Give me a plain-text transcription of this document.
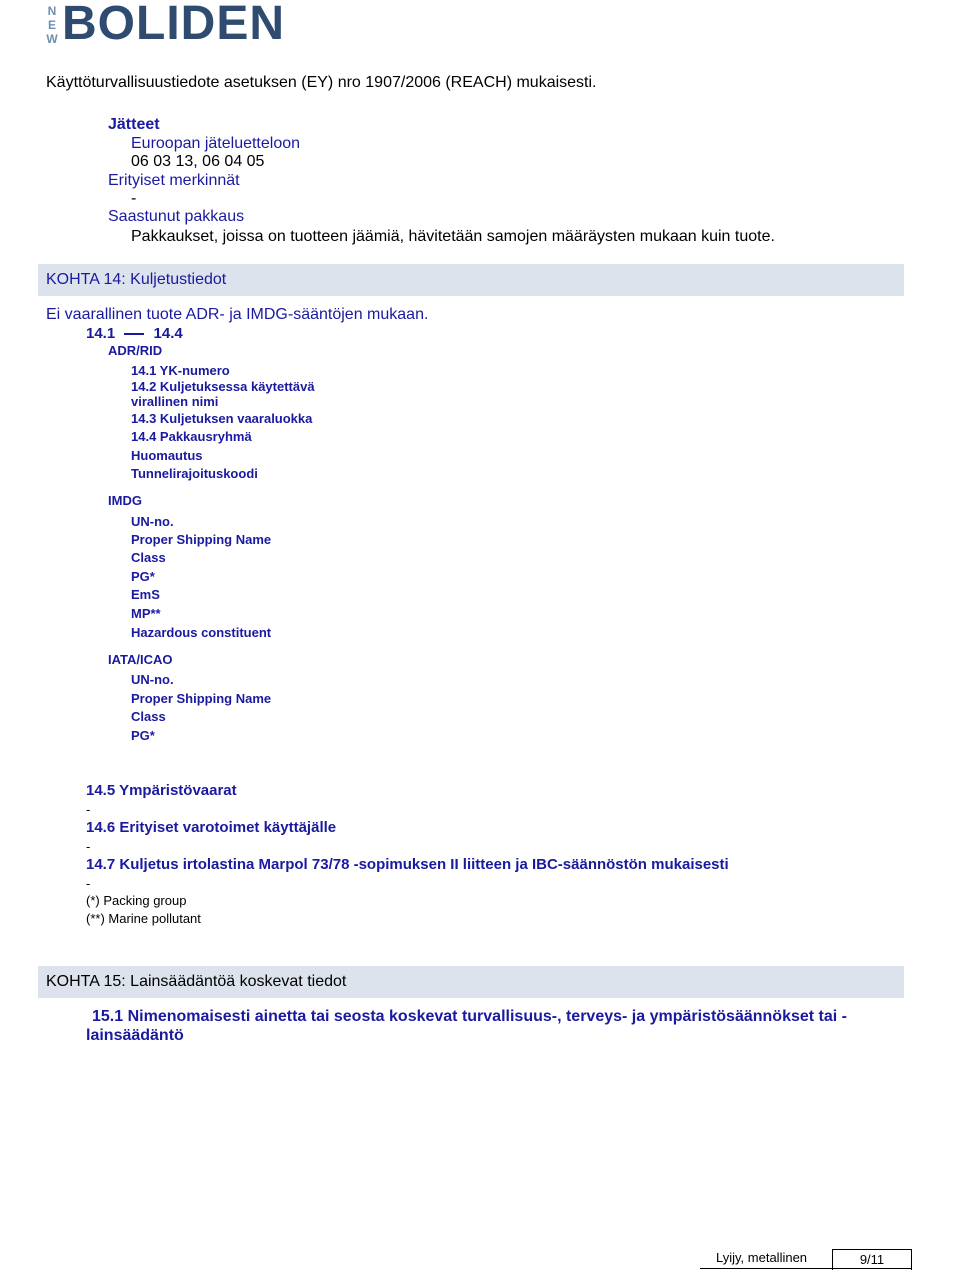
N
E
W BOLIDEN
Käyttöturvallisuustiedote asetuksen (EY) nro 1907/2006 (REACH) mukaisesti.
Jätteet
Euroopan jäteluetteloon
06 03 13, 06 04 05
Erityiset merkinnät
-
Saastunut pakkaus
Pakkaukset, joissa on tuotteen jäämiä, hävitetään samojen määräysten mukaan kuin tuote.
KOHTA 14: Kuljetustiedot
Ei vaarallinen tuote ADR- ja IMDG-sääntöjen mukaan.
14.1	14.4
ADR/RID
14.1 YK-numero
14.2 Kuljetuksessa käytettävä
virallinen nimi
14.3 Kuljetuksen vaaraluokka
14.4 Pakkausryhmä
Huomautus
Tunnelirajoituskoodi
IMDG
UN-no.
Proper Shipping Name
Class
PG*
EmS
MP**
Hazardous constituent
IATA/ICAO
UN-no.
Proper Shipping Name
Class
PG*
14.5 Ympäristövaarat
-
14.6 Erityiset varotoimet käyttäjälle
-
14.7 Kuljetus irtolastina Marpol 73/78 -sopimuksen II liitteen ja IBC-säännöstön mukaisesti
-
(*) Packing group
(**) Marine pollutant
KOHTA 15: Lainsäädäntöä koskevat tiedot
15.1 Nimenomaisesti ainetta tai seosta koskevat turvallisuus-, terveys- ja ympäristösäännökset tai -
lainsäädäntö
Lyijy, metallinen	9/11
